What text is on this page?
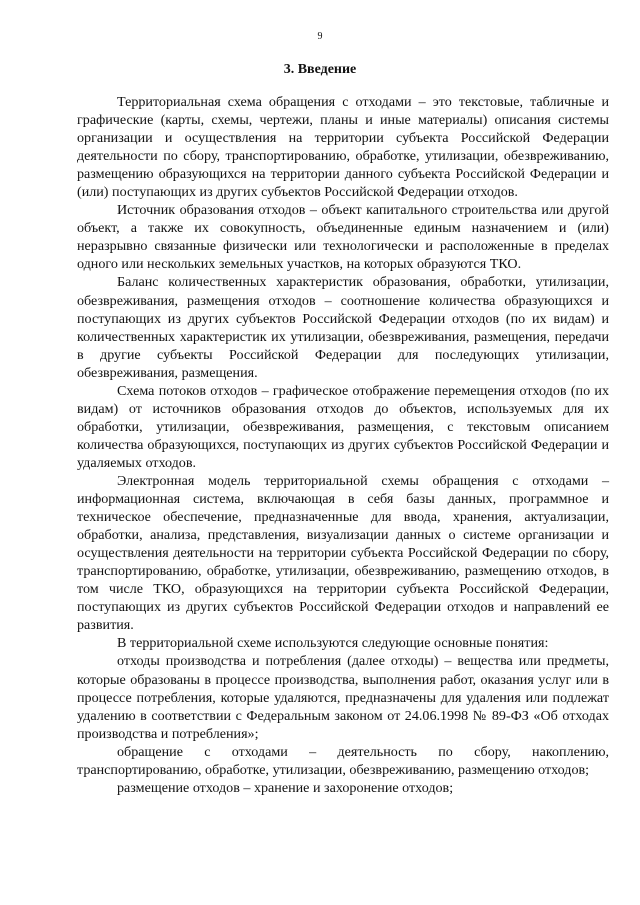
9
3. Введение

Территориальная схема обращения с отходами – это текстовые, табличные и графические (карты, схемы, чертежи, планы и иные материалы) описания системы организации и осуществления на территории субъекта Российской Федерации деятельности по сбору, транспортированию, обработке, утилизации, обезвреживанию, размещению образующихся на территории данного субъекта Российской Федерации и (или) поступающих из других субъектов Российской Федерации отходов.

Источник образования отходов – объект капитального строительства или другой объект, а также их совокупность, объединенные единым назначением и (или) неразрывно связанные физически или технологически и расположенные в пределах одного или нескольких земельных участков, на которых образуются ТКО.

Баланс количественных характеристик образования, обработки, утилизации, обезвреживания, размещения отходов – соотношение количества образующихся и поступающих из других субъектов Российской Федерации отходов (по их видам) и количественных характеристик их утилизации, обезвреживания, размещения, передачи в другие субъекты Российской Федерации для последующих утилизации, обезвреживания, размещения.

Схема потоков отходов – графическое отображение перемещения отходов (по их видам) от источников образования отходов до объектов, используемых для их обработки, утилизации, обезвреживания, размещения, с текстовым описанием количества образующихся, поступающих из других субъектов Российской Федерации и удаляемых отходов.

Электронная модель территориальной схемы обращения с отходами – информационная система, включающая в себя базы данных, программное и техническое обеспечение, предназначенные для ввода, хранения, актуализации, обработки, анализа, представления, визуализации данных о системе организации и осуществления деятельности на территории субъекта Российской Федерации по сбору, транспортированию, обработке, утилизации, обезвреживанию, размещению отходов, в том числе ТКО, образующихся на территории субъекта Российской Федерации, поступающих из других субъектов Российской Федерации отходов и направлений ее развития.

В территориальной схеме используются следующие основные понятия:

отходы производства и потребления (далее отходы) – вещества или предметы, которые образованы в процессе производства, выполнения работ, оказания услуг или в процессе потребления, которые удаляются, предназначены для удаления или подлежат удалению в соответствии с Федеральным законом от 24.06.1998 № 89-ФЗ «Об отходах производства и потребления»;

обращение с отходами – деятельность по сбору, накоплению, транспортированию, обработке, утилизации, обезвреживанию, размещению отходов;

размещение отходов – хранение и захоронение отходов;
